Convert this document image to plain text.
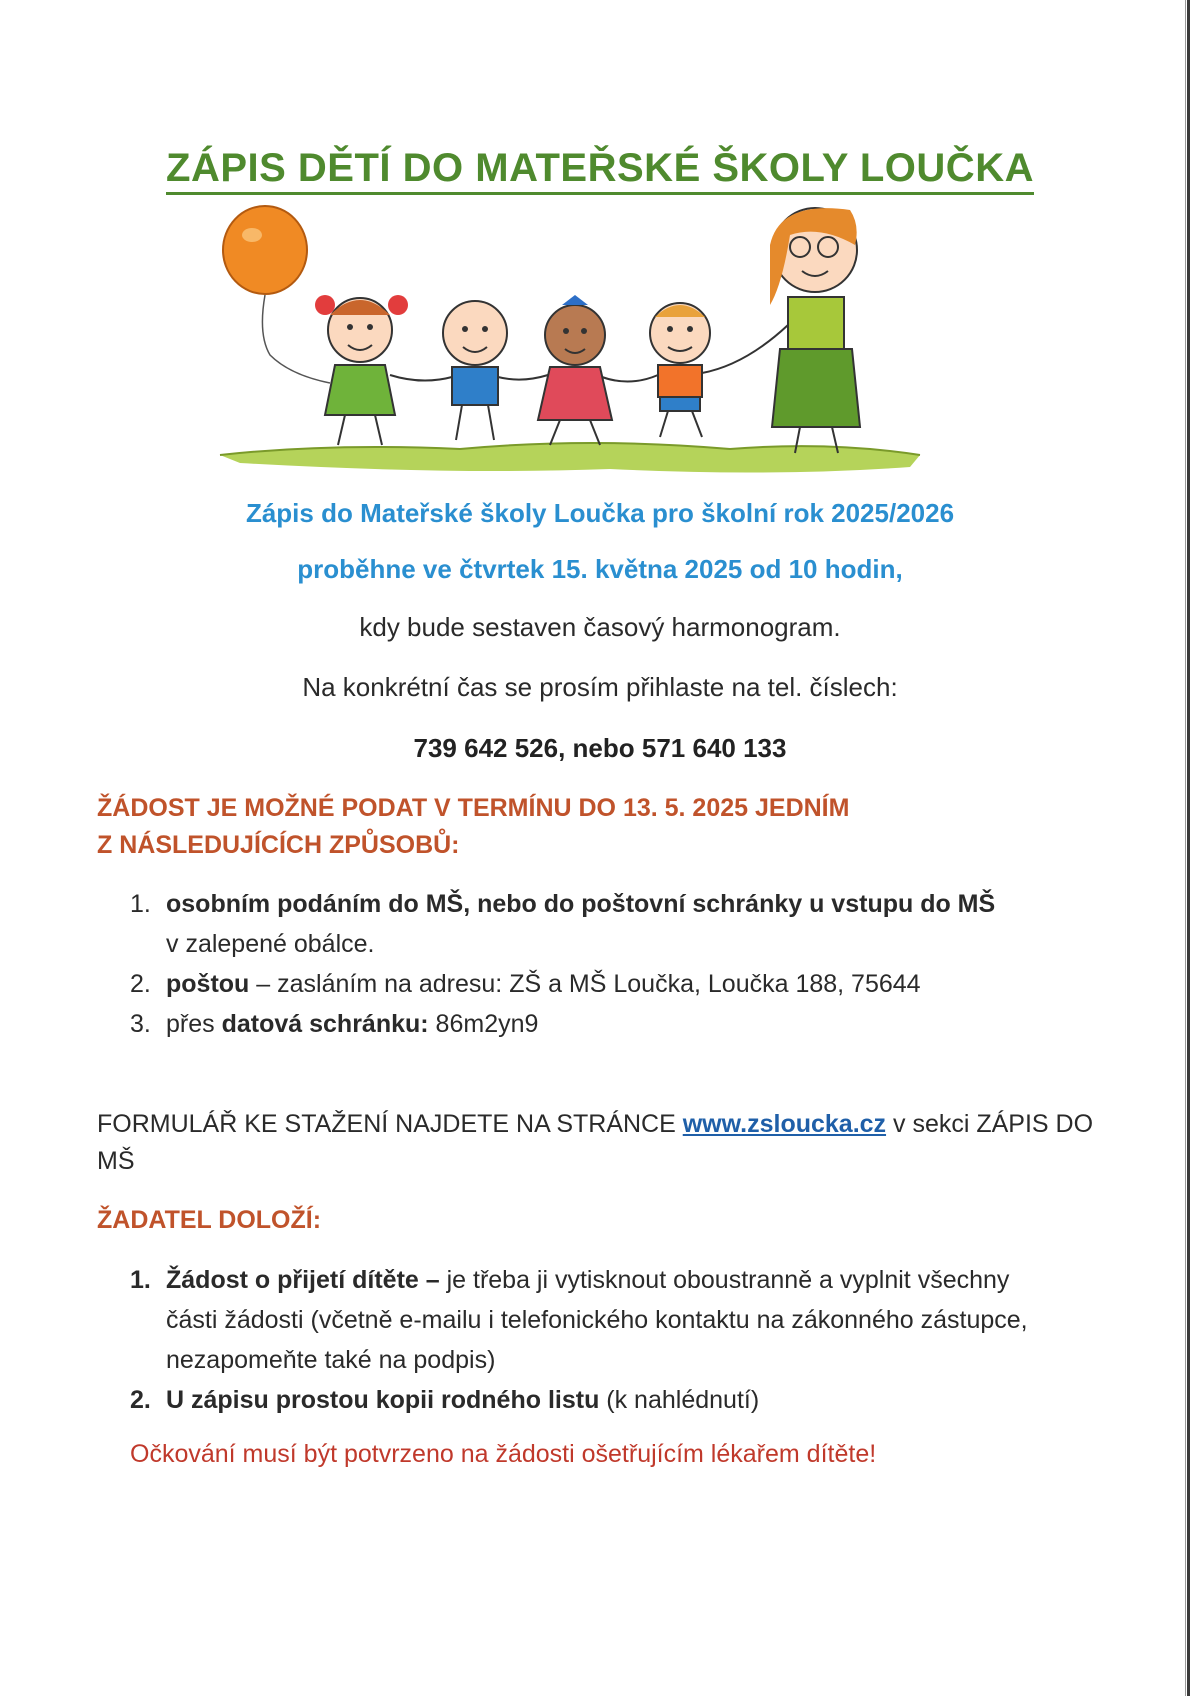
ZÁPIS DĚTÍ DO MATEŘSKÉ ŠKOLY LOUČKA
Zápis do Mateřské školy Loučka pro školní rok 2025/2026
proběhne ve čtvrtek 15. května 2025 od 10 hodin,
kdy bude sestaven časový harmonogram.
Na konkrétní čas se prosím přihlaste na tel. číslech:
739 642 526, nebo 571 640 133
ŽÁDOST JE MOŽNÉ PODAT V TERMÍNU DO 13. 5. 2025 JEDNÍM
Z NÁSLEDUJÍCÍCH ZPŮSOBŮ:
1. osobním podáním do MŠ, nebo do poštovní schránky u vstupu do MŠ
v zalepené obálce.
2. poštou – zasláním na adresu: ZŠ a MŠ Loučka, Loučka 188, 75644
3. přes datová schránku: 86m2yn9
FORMULÁŘ KE STAŽENÍ NAJDETE NA STRÁNCE www.zsloucka.cz v sekci ZÁPIS DO MŠ
ŽADATEL DOLOŽÍ:
1. Žádost o přijetí dítěte – je třeba ji vytisknout oboustranně a vyplnit všechny části žádosti (včetně e-mailu i telefonického kontaktu na zákonného zástupce, nezapomeňte také na podpis)
2. U zápisu prostou kopii rodného listu (k nahlédnutí)
Očkování musí být potvrzeno na žádosti ošetřujícím lékařem dítěte!
